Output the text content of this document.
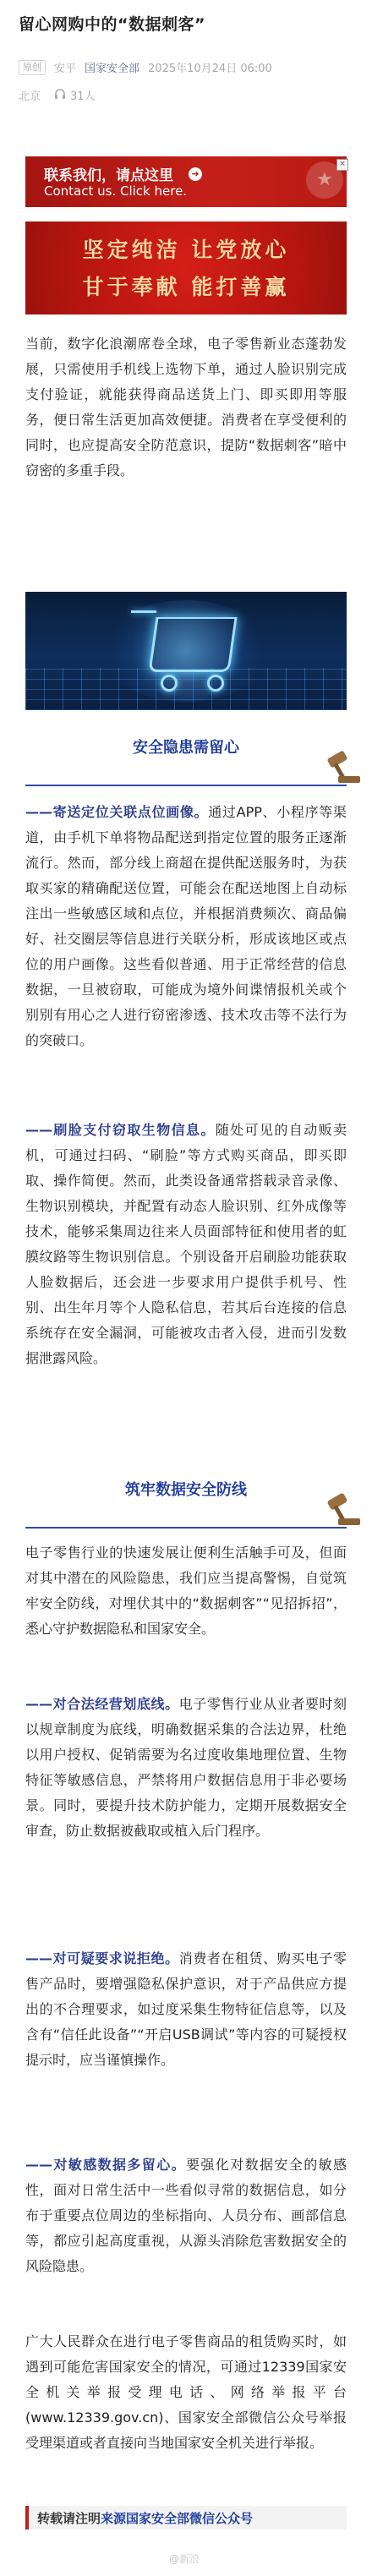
留心网购中的“数据刺客”
原创	安平 国家安全部 2025年10月24日 06:00
北京	31人
联系我们，请点这里	➜
Contact us. Click here.
★
×
坚定纯洁 让党放心
甘于奉献 能打善赢
当前，数字化浪潮席卷全球，电子零售新业态蓬勃发展，只需使用手机线上选物下单，通过人脸识别完成支付验证，就能获得商品送货上门、即买即用等服务，便日常生活更加高效便捷。消费者在享受便利的同时，也应提高安全防范意识，提防“数据刺客”暗中窃密的多重手段。
安全隐患需留心
——寄送定位关联点位画像。通过APP、小程序等渠道，由手机下单将物品配送到指定位置的服务正逐渐流行。然而，部分线上商超在提供配送服务时，为获取买家的精确配送位置，可能会在配送地图上自动标注出一些敏感区域和点位，并根据消费频次、商品偏好、社交圈层等信息进行关联分析，形成该地区或点位的用户画像。这些看似普通、用于正常经营的信息数据，一旦被窃取，可能成为境外间谍情报机关或个别别有用心之人进行窃密渗透、技术攻击等不法行为的突破口。
——刷脸支付窃取生物信息。随处可见的自动贩卖机，可通过扫码、“刷脸”等方式购买商品，即买即取、操作简便。然而，此类设备通常搭载录音录像、生物识别模块，并配置有动态人脸识别、红外成像等技术，能够采集周边往来人员面部特征和使用者的虹膜纹路等生物识别信息。个别设备开启刷脸功能获取人脸数据后，还会进一步要求用户提供手机号、性别、出生年月等个人隐私信息，若其后台连接的信息系统存在安全漏洞，可能被攻击者入侵，进而引发数据泄露风险。
筑牢数据安全防线
电子零售行业的快速发展让便利生活触手可及，但面对其中潜在的风险隐患，我们应当提高警惕，自觉筑牢安全防线，对埋伏其中的“数据刺客”“见招拆招”，悉心守护数据隐私和国家安全。
——对合法经营划底线。电子零售行业从业者要时刻以规章制度为底线，明确数据采集的合法边界，杜绝以用户授权、促销需要为名过度收集地理位置、生物特征等敏感信息，严禁将用户数据信息用于非必要场景。同时，要提升技术防护能力，定期开展数据安全审查，防止数据被截取或植入后门程序。
——对可疑要求说拒绝。消费者在租赁、购买电子零售产品时，要增强隐私保护意识，对于产品供应方提出的不合理要求，如过度采集生物特征信息等，以及含有“信任此设备”“开启USB调试”等内容的可疑授权提示时，应当谨慎操作。
——对敏感数据多留心。要强化对数据安全的敏感性，面对日常生活中一些看似寻常的数据信息，如分布于重要点位周边的坐标指向、人员分布、画部信息等，都应引起高度重视，从源头消除危害数据安全的风险隐患。
广大人民群众在进行电子零售商品的租赁购买时，如遇到可能危害国家安全的情况，可通过12339国家安全机关举报受理电话、网络举报平台(www.12339.gov.cn)、国家安全部微信公众号举报受理渠道或者直接向当地国家安全机关进行举报。
转载请注明来源国家安全部微信公众号
@新浪
